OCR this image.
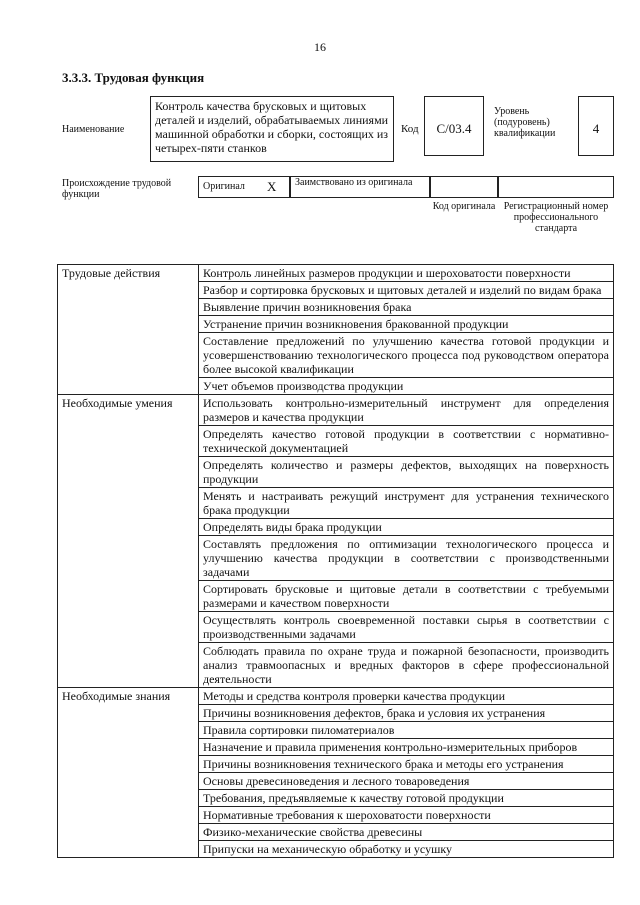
16
3.3.3. Трудовая функция
Наименование
Контроль качества брусковых и щитовых деталей и изделий, обрабатываемых линиями машинной обработки и сборки, состоящих из четырех-пяти станков
Код	С/03.4
Уровень (подуровень) квалификации	4
Происхождение трудовой функции
Оригинал X	Заимствовано из оригинала
Код оригинала Регистрационный номер профессионального стандарта
Трудовые действия	Контроль линейных размеров продукции и шероховатости поверхности
	Разбор и сортировка брусковых и щитовых деталей и изделий по видам брака
	Выявление причин возникновения брака
	Устранение причин возникновения бракованной продукции
	Составление предложений по улучшению качества готовой продукции и усовершенствованию технологического процесса под руководством оператора более высокой квалификации
	Учет объемов производства продукции
Необходимые умения	Использовать контрольно-измерительный инструмент для определения размеров и качества продукции
	Определять качество готовой продукции в соответствии с нормативно-технической документацией
	Определять количество и размеры дефектов, выходящих на поверхность продукции
	Менять и настраивать режущий инструмент для устранения технического брака продукции
	Определять виды брака продукции
	Составлять предложения по оптимизации технологического процесса и улучшению качества продукции в соответствии с производственными задачами
	Сортировать брусковые и щитовые детали в соответствии с требуемыми размерами и качеством поверхности
	Осуществлять контроль своевременной поставки сырья в соответствии с производственными задачами
	Соблюдать правила по охране труда и пожарной безопасности, производить анализ травмоопасных и вредных факторов в сфере профессиональной деятельности
Необходимые знания	Методы и средства контроля проверки качества продукции
	Причины возникновения дефектов, брака и условия их устранения
	Правила сортировки пиломатериалов
	Назначение и правила применения контрольно-измерительных приборов
	Причины возникновения технического брака и методы его устранения
	Основы древесиноведения и лесного товароведения
	Требования, предъявляемые к качеству готовой продукции
	Нормативные требования к шероховатости поверхности
	Физико-механические свойства древесины
	Припуски на механическую обработку и усушку
